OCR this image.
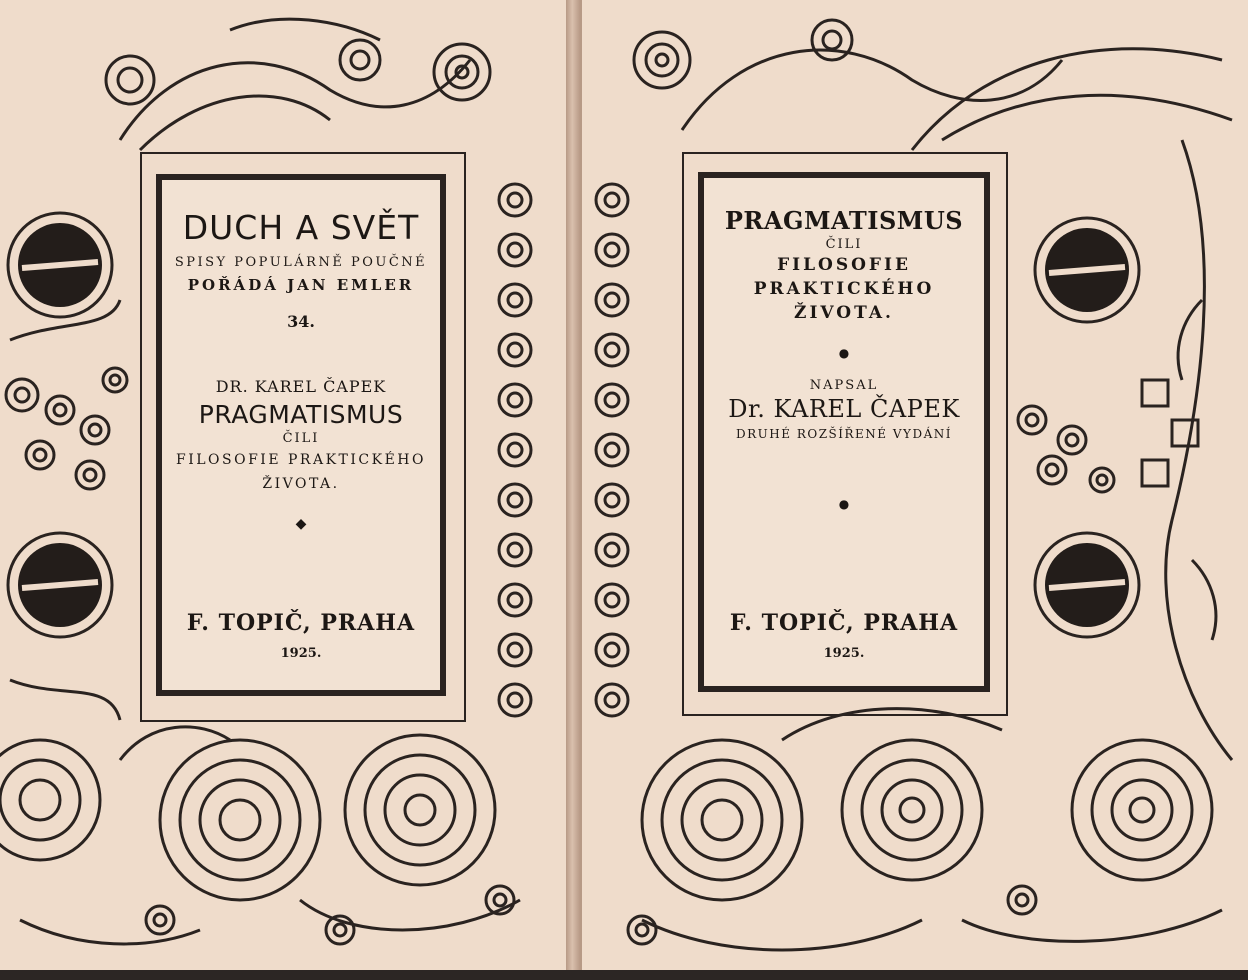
DUCH A SVĚT
SPISY POPULÁRNĚ POUČNÉ
POŘÁDÁ JAN EMLER
34.
DR. KAREL ČAPEK
PRAGMATISMUS
ČILI
FILOSOFIE PRAKTICKÉHO
ŽIVOTA.
◆
F. TOPIČ, PRAHA
1925.
PRAGMATISMUS
ČILI
FILOSOFIE
PRAKTICKÉHO
ŽIVOTA.
●
NAPSAL
Dr. KAREL ČAPEK
DRUHÉ ROZŠÍŘENÉ VYDÁNÍ
●
F. TOPIČ, PRAHA
1925.
